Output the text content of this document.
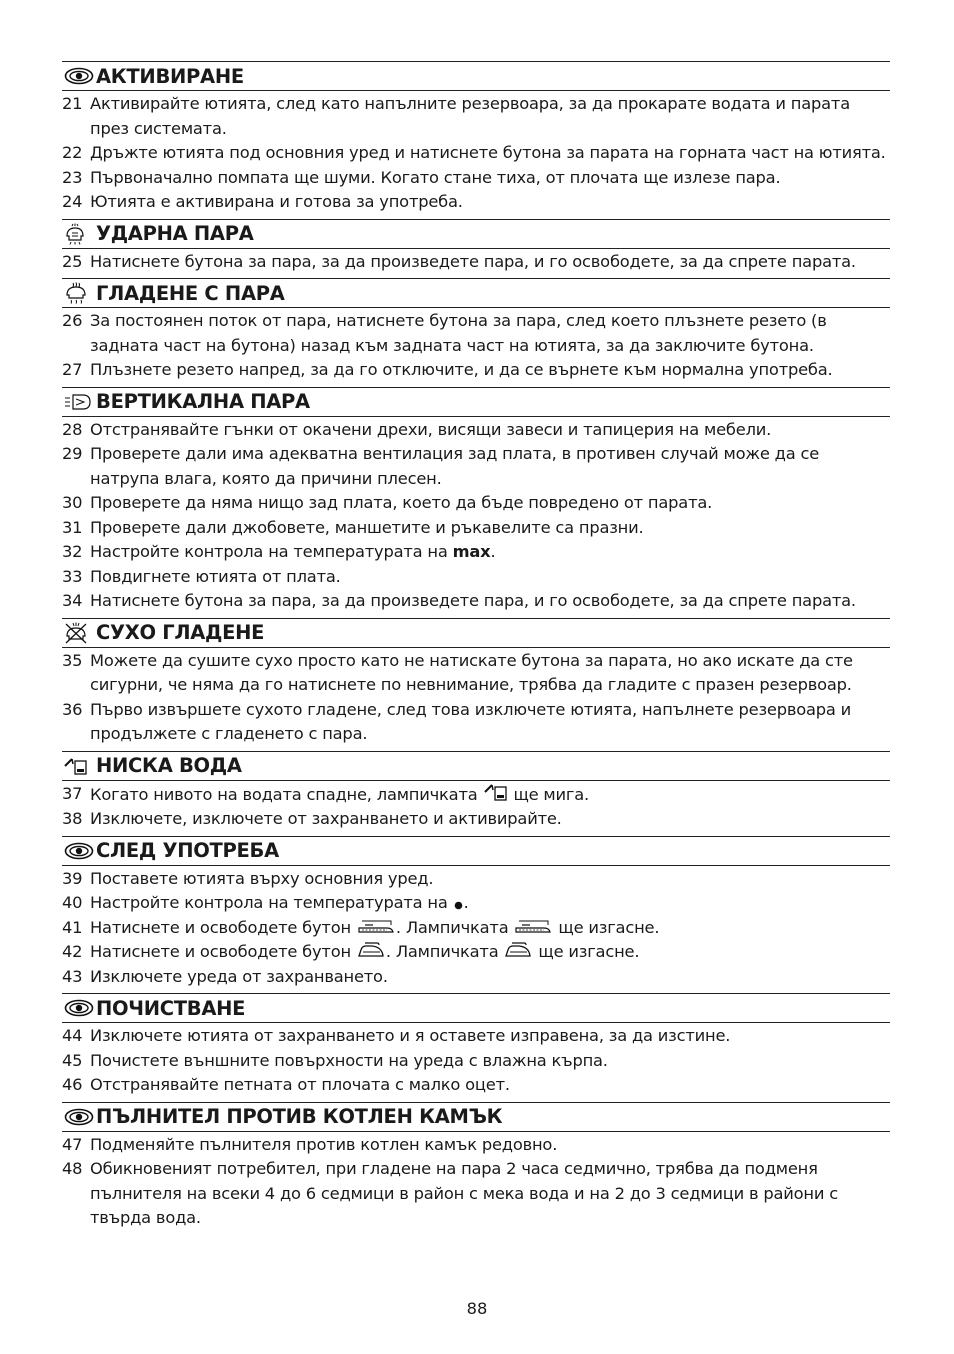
АКТИВИРАНЕ
21 Активирайте ютията, след като напълните резервоара, за да прокарате водата и парата през системата.
22 Дръжте ютията под основния уред и натиснете бутона за парата на горната част на ютията.
23 Първоначално помпата ще шуми. Когато стане тиха, от плочата ще излезе пара.
24 Ютията е активирана и готова за употреба.
УДАРНА ПАРА
25 Натиснете бутона за пара, за да произведете пара, и го освободете, за да спрете парата.
ГЛАДЕНЕ С ПАРА
26 За постоянен поток от пара, натиснете бутона за пара, след което плъзнете резето (в задната част на бутона) назад към задната част на ютията, за да заключите бутона.
27 Плъзнете резето напред, за да го отключите, и да се върнете към нормална употреба.
ВЕРТИКАЛНА ПАРА
28 Отстранявайте гънки от окачени дрехи, висящи завеси и тапицерия на мебели.
29 Проверете дали има адекватна вентилация зад плата, в противен случай може да се натрупа влага, която да причини плесен.
30 Проверете да няма нищо зад плата, което да бъде повредено от парата.
31 Проверете дали джобовете, маншетите и ръкавелите са празни.
32 Настройте контрола на температурата на max.
33 Повдигнете ютията от плата.
34 Натиснете бутона за пара, за да произведете пара, и го освободете, за да спрете парата.
СУХО ГЛАДЕНЕ
35 Можете да сушите сухо просто като не натискате бутона за парата, но ако искате да сте сигурни, че няма да го натиснете по невнимание, трябва да гладите с празен резервоар.
36 Първо извършете сухото гладене, след това изключете ютията, напълнете резервоара и продължете с гладенето с пара.
НИСКА ВОДА
37 Когато нивото на водата спадне, лампичката
ще мига.
38 Изключете, изключете от захранването и активирайте.
СЛЕД УПОТРЕБА
39 Поставете ютията върху основния уред.
40 Настройте контрола на температурата на
.
41 Натиснете и освободете бутон
. Лампичката
ще изгасне.
42 Натиснете и освободете бутон
. Лампичката
ще изгасне.
43 Изключете уреда от захранването.
ПОЧИСТВАНЕ
44 Изключете ютията от захранването и я оставете изправена, за да изстине.
45 Почистете външните повърхности на уреда с влажна кърпа.
46 Отстранявайте петната от плочата с малко оцет.
ПЪЛНИТЕЛ ПРОТИВ КОТЛЕН КАМЪК
47 Подменяйте пълнителя против котлен камък редовно.
48 Обикновеният потребител, при гладене на пара 2 часа седмично, трябва да подменя пълнителя на всеки 4 до 6 седмици в район с мека вода и на 2 до 3 седмици в райони с твърда вода.
88
